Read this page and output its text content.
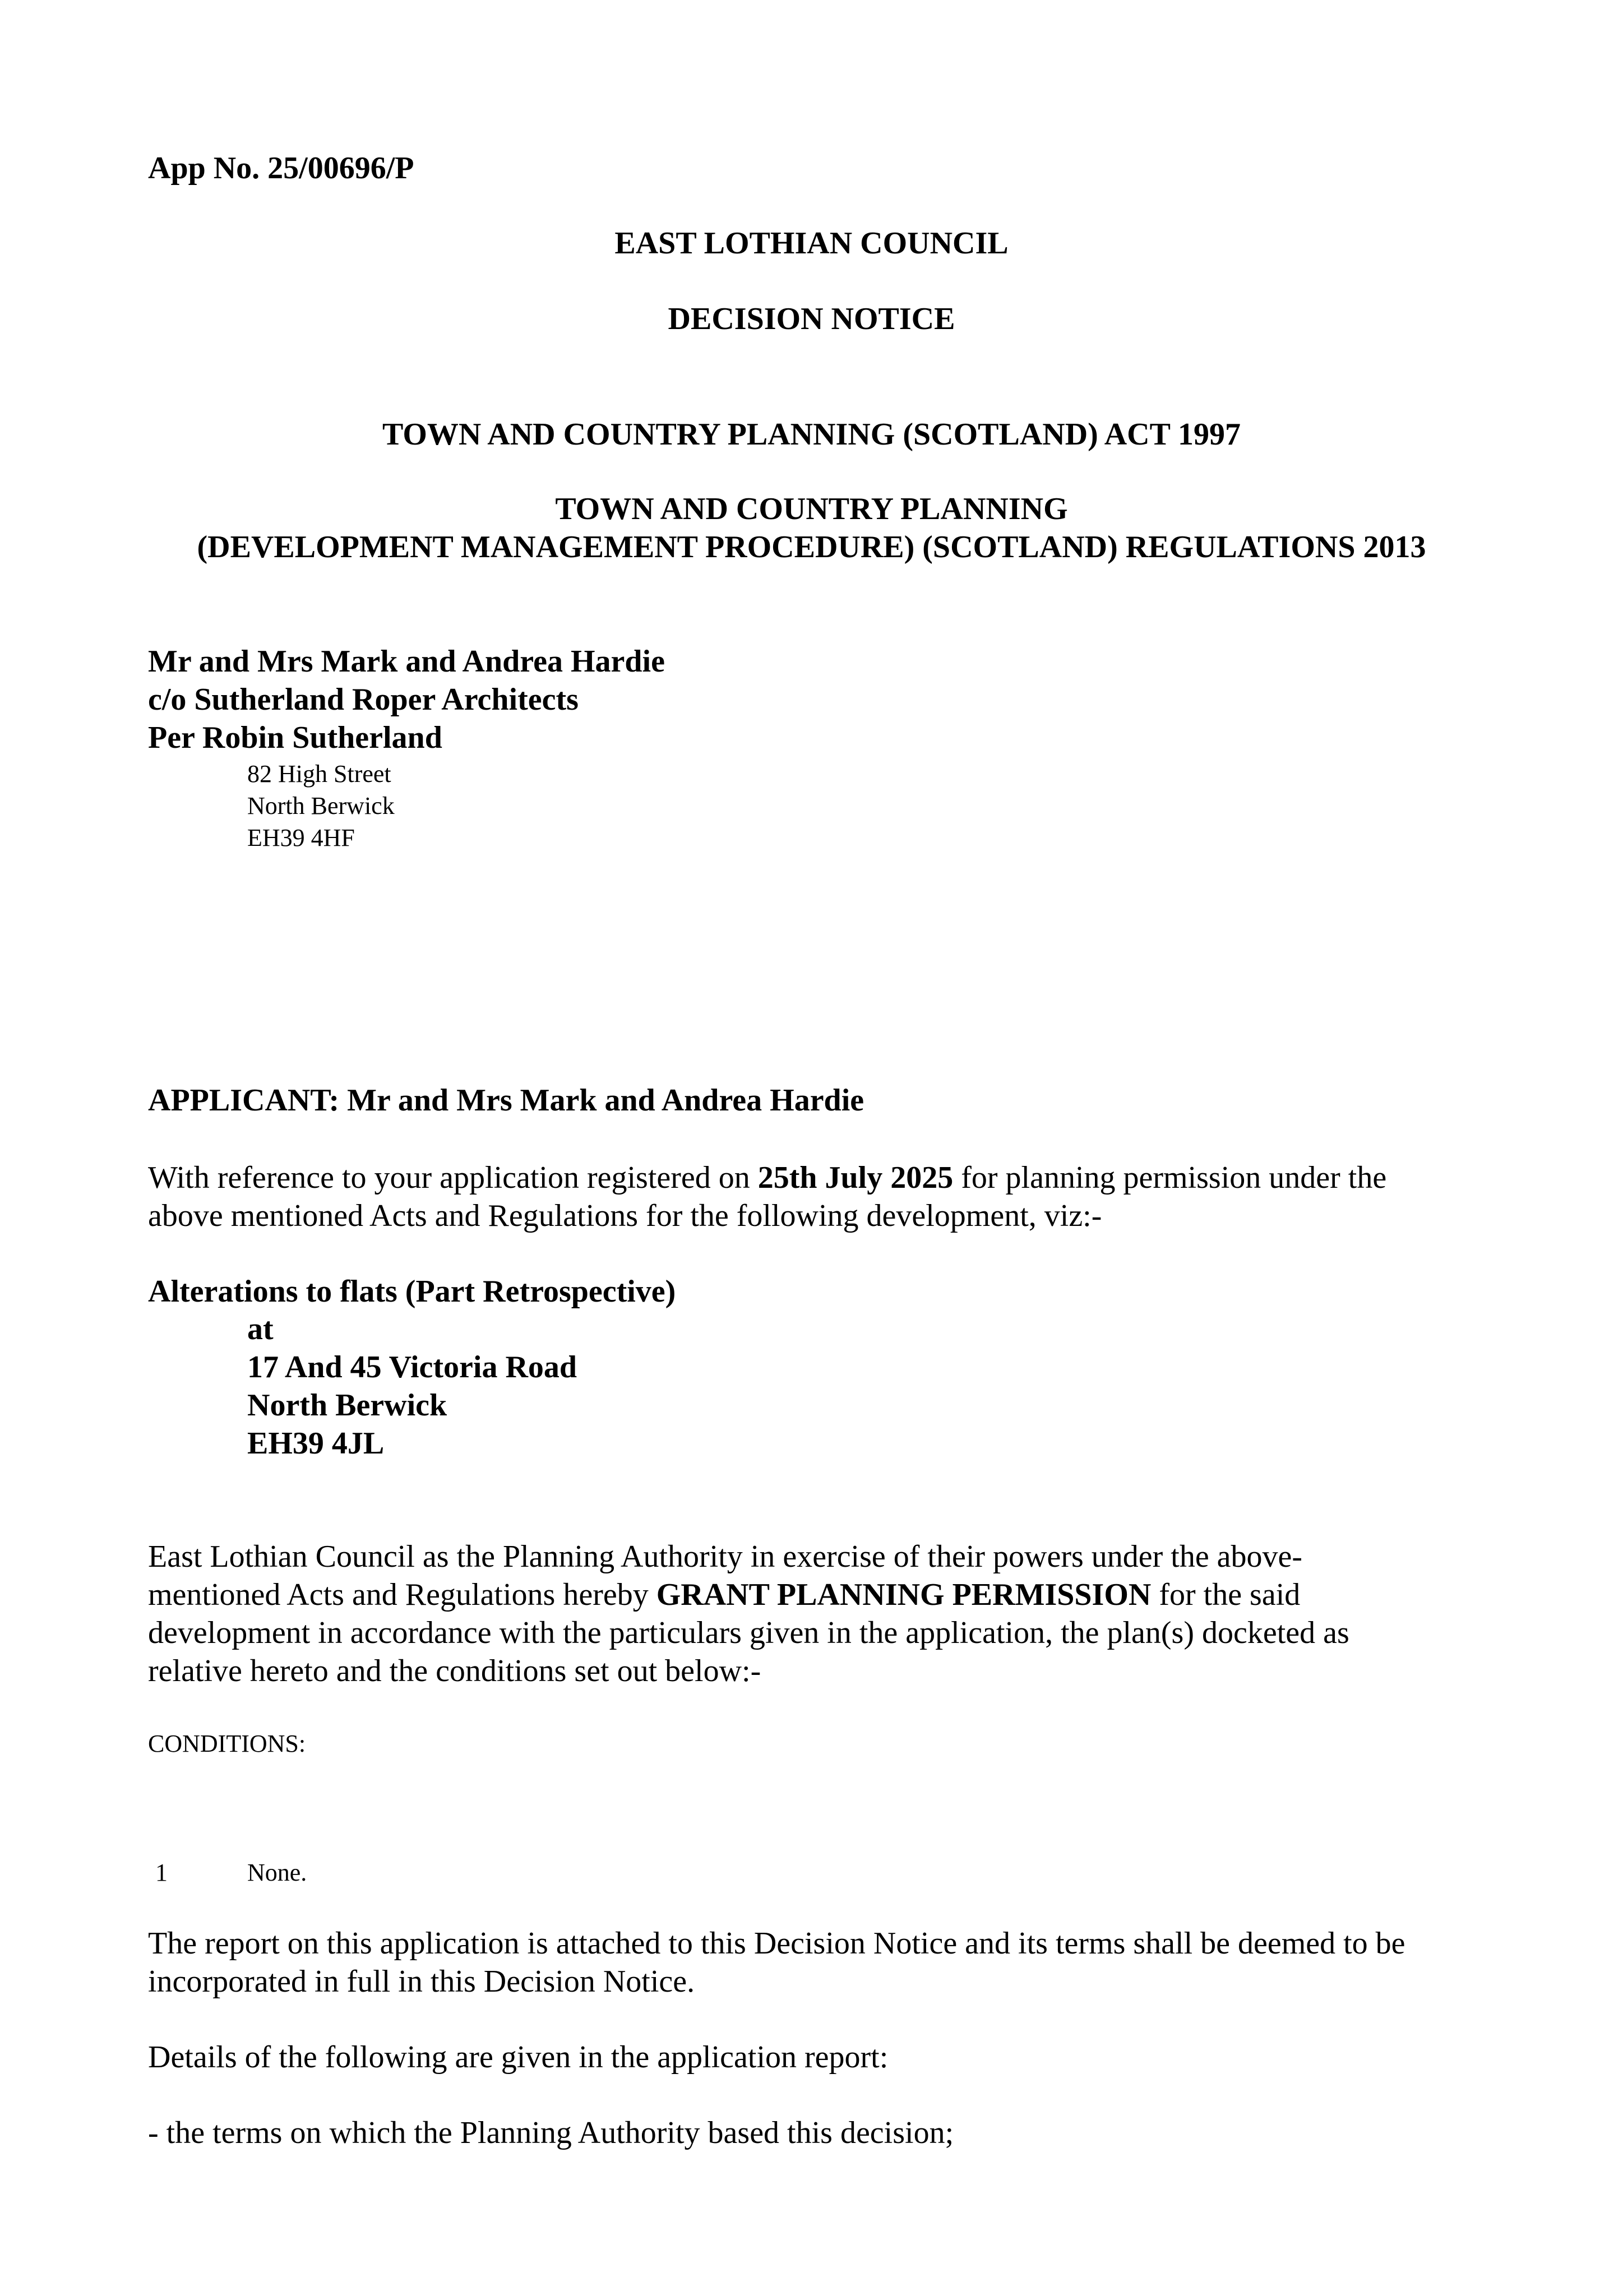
App No. 25/00696/P
EAST LOTHIAN COUNCIL
DECISION NOTICE
TOWN AND COUNTRY PLANNING (SCOTLAND) ACT 1997
TOWN AND COUNTRY PLANNING
(DEVELOPMENT MANAGEMENT PROCEDURE) (SCOTLAND) REGULATIONS 2013
Mr and Mrs Mark and Andrea Hardie
c/o Sutherland Roper Architects
Per Robin Sutherland
82 High Street
North Berwick
EH39 4HF
APPLICANT: Mr and Mrs Mark and Andrea Hardie
With reference to your application registered on 25th July 2025 for planning permission under the
above mentioned Acts and Regulations for the following development, viz:-
Alterations to flats (Part Retrospective)
at
17 And 45 Victoria Road
North Berwick
EH39 4JL
East Lothian Council as the Planning Authority in exercise of their powers under the above-
mentioned Acts and Regulations hereby GRANT PLANNING PERMISSION for the said
development in accordance with the particulars given in the application, the plan(s) docketed as
relative hereto and the conditions set out below:-
CONDITIONS:
1	None.
The report on this application is attached to this Decision Notice and its terms shall be deemed to be
incorporated in full in this Decision Notice.
Details of the following are given in the application report:
- the terms on which the Planning Authority based this decision;
